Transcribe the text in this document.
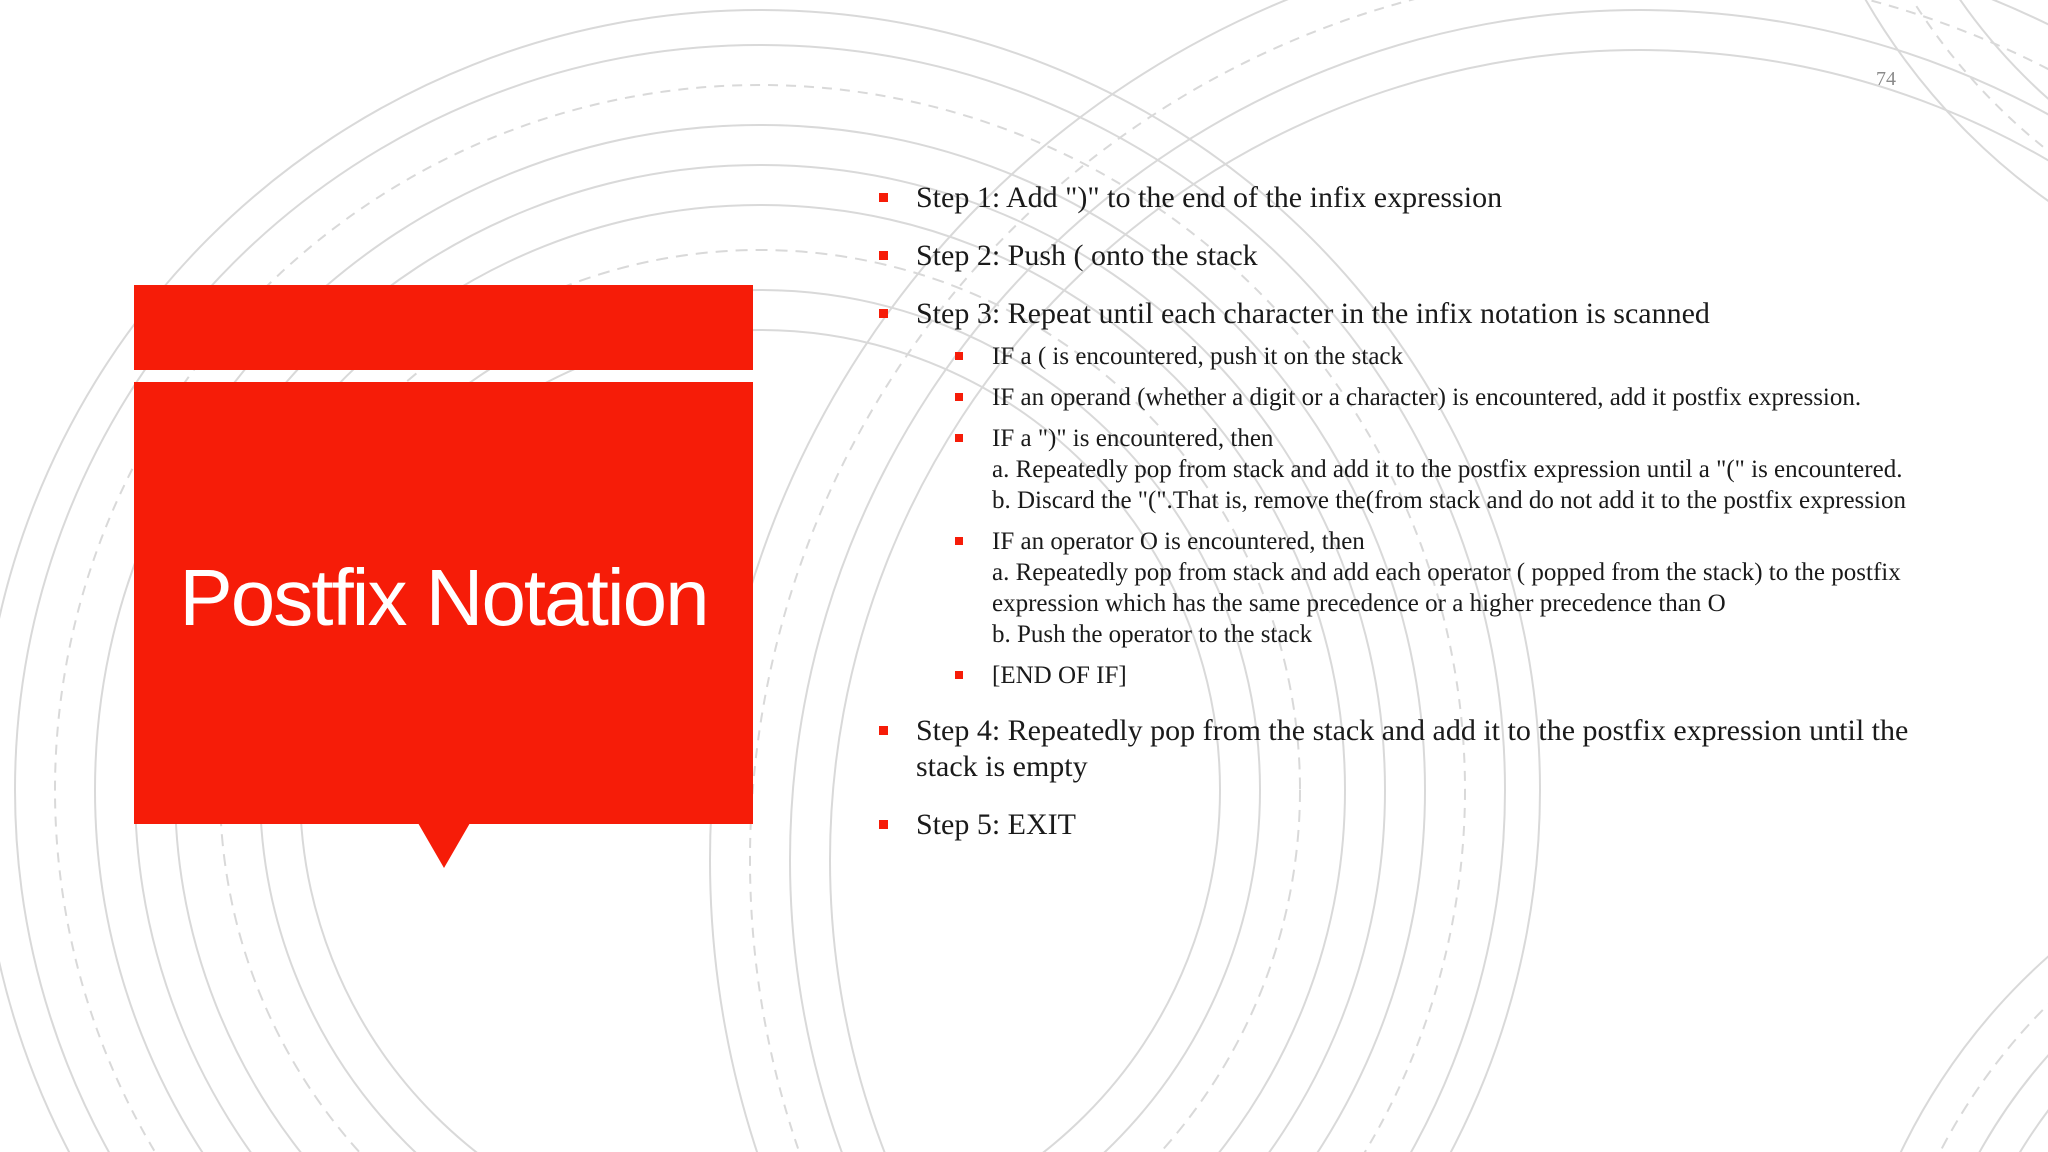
74
Postfix Notation
Step 1: Add ")" to the end of the infix expression
Step 2: Push ( onto the stack
Step 3: Repeat until each character in the infix notation is scanned
IF a ( is encountered, push it on the stack
IF an operand (whether a digit or a character) is encountered, add it postfix expression.
IF a ")" is encountered, then
a. Repeatedly pop from stack and add it to the postfix expression until a "(" is encountered.
b. Discard the "(".That is, remove the(from stack and do not add it to the postfix expression
IF an operator O is encountered, then
a. Repeatedly pop from stack and add each operator ( popped from the stack) to the postfix expression which has the same precedence or a higher precedence than O
b. Push the operator to the stack
[END OF IF]
Step 4: Repeatedly pop from the stack and add it to the postfix expression until the stack is empty
Step 5: EXIT
